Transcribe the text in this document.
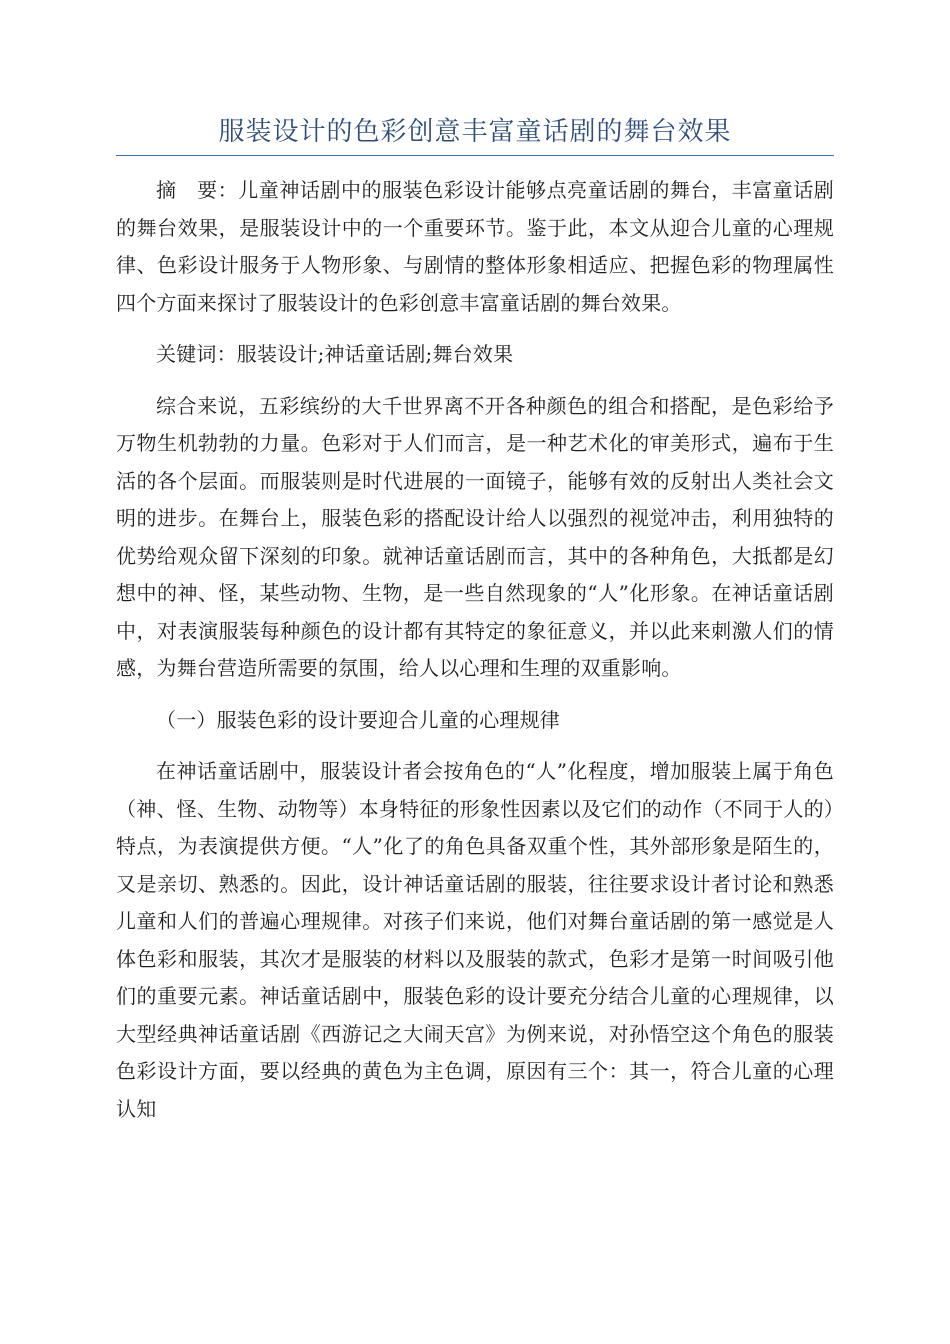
服装设计的色彩创意丰富童话剧的舞台效果

摘　要：儿童神话剧中的服装色彩设计能够点亮童话剧的舞台，丰富童话剧的舞台效果，是服装设计中的一个重要环节。鉴于此，本文从迎合儿童的心理规律、色彩设计服务于人物形象、与剧情的整体形象相适应、把握色彩的物理属性四个方面来探讨了服装设计的色彩创意丰富童话剧的舞台效果。

关键词：服装设计;神话童话剧;舞台效果

综合来说，五彩缤纷的大千世界离不开各种颜色的组合和搭配，是色彩给予万物生机勃勃的力量。色彩对于人们而言，是一种艺术化的审美形式，遍布于生活的各个层面。而服装则是时代进展的一面镜子，能够有效的反射出人类社会文明的进步。在舞台上，服装色彩的搭配设计给人以强烈的视觉冲击，利用独特的优势给观众留下深刻的印象。就神话童话剧而言，其中的各种角色，大抵都是幻想中的神、怪，某些动物、生物，是一些自然现象的“人”化形象。在神话童话剧中，对表演服装每种颜色的设计都有其特定的象征意义，并以此来刺激人们的情感，为舞台营造所需要的氛围，给人以心理和生理的双重影响。

（一）服装色彩的设计要迎合儿童的心理规律

在神话童话剧中，服装设计者会按角色的“人”化程度，增加服装上属于角色（神、怪、生物、动物等）本身特征的形象性因素以及它们的动作（不同于人的）特点，为表演提供方便。“人”化了的角色具备双重个性，其外部形象是陌生的，又是亲切、熟悉的。因此，设计神话童话剧的服装，往往要求设计者讨论和熟悉儿童和人们的普遍心理规律。对孩子们来说，他们对舞台童话剧的第一感觉是人体色彩和服装，其次才是服装的材料以及服装的款式，色彩才是第一时间吸引他们的重要元素。神话童话剧中，服装色彩的设计要充分结合儿童的心理规律，以大型经典神话童话剧《西游记之大闹天宫》为例来说，对孙悟空这个角色的服装色彩设计方面，要以经典的黄色为主色调，原因有三个：其一，符合儿童的心理认知
